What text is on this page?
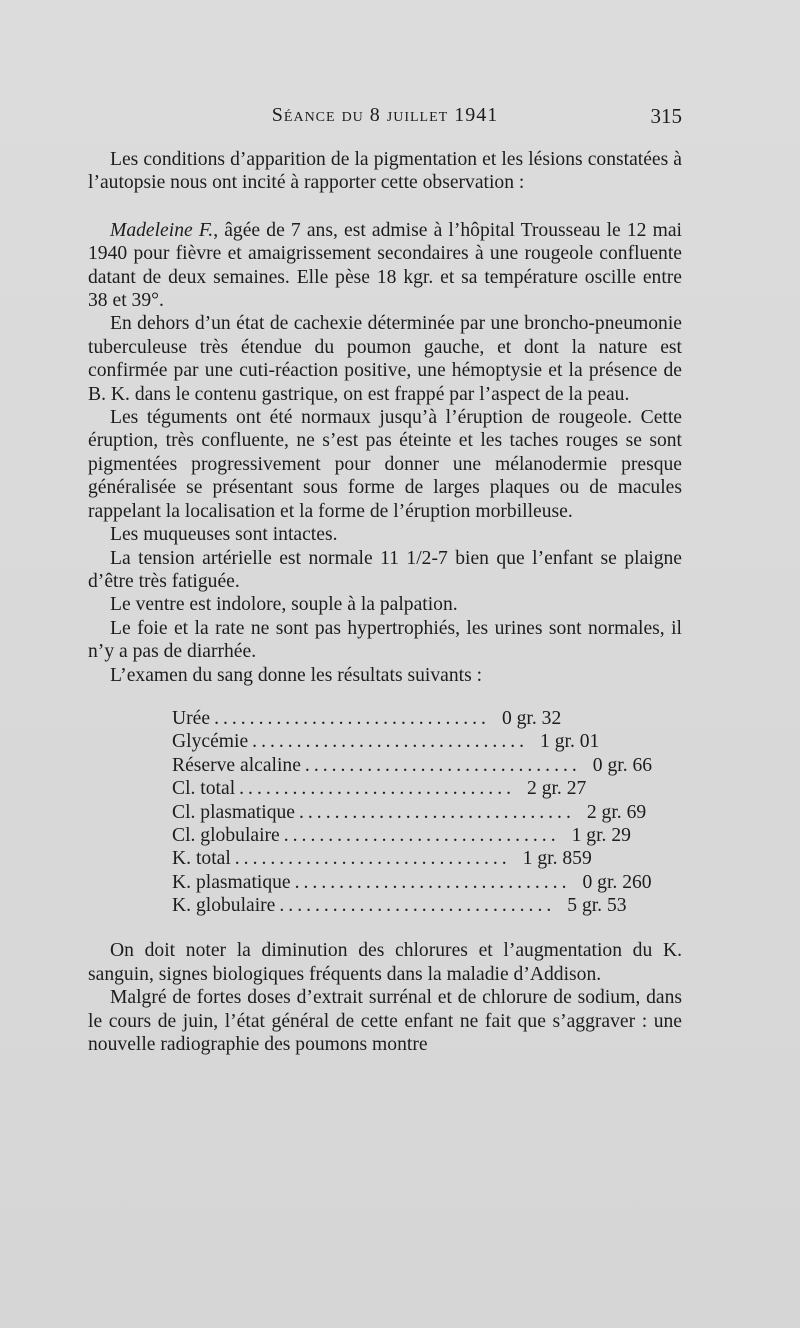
Séance du 8 juillet 1941	315

Les conditions d’apparition de la pigmentation et les lésions constatées à l’autopsie nous ont incité à rapporter cette observation :

Madeleine F., âgée de 7 ans, est admise à l’hôpital Trousseau le 12 mai 1940 pour fièvre et amaigrissement secondaires à une rougeole confluente datant de deux semaines. Elle pèse 18 kgr. et sa température oscille entre 38 et 39°.

En dehors d’un état de cachexie déterminée par une broncho-pneumonie tuberculeuse très étendue du poumon gauche, et dont la nature est confirmée par une cuti-réaction positive, une hémoptysie et la présence de B. K. dans le contenu gastrique, on est frappé par l’aspect de la peau.

Les téguments ont été normaux jusqu’à l’éruption de rougeole. Cette éruption, très confluente, ne s’est pas éteinte et les taches rouges se sont pigmentées progressivement pour donner une mélanodermie presque généralisée se présentant sous forme de larges plaques ou de macules rappelant la localisation et la forme de l’éruption morbilleuse.

Les muqueuses sont intactes.

La tension artérielle est normale 11 1/2-7 bien que l’enfant se plaigne d’être très fatiguée.

Le ventre est indolore, souple à la palpation.

Le foie et la rate ne sont pas hypertrophiés, les urines sont normales, il n’y a pas de diarrhée.

L’examen du sang donne les résultats suivants :

Urée ............................... 0 gr. 32
Glycémie ............................... 1 gr. 01
Réserve alcaline ............................... 0 gr. 66
Cl. total ............................... 2 gr. 27
Cl. plasmatique ............................... 2 gr. 69
Cl. globulaire ............................... 1 gr. 29
K. total ............................... 1 gr. 859
K. plasmatique ............................... 0 gr. 260
K. globulaire ............................... 5 gr. 53

On doit noter la diminution des chlorures et l’augmentation du K. sanguin, signes biologiques fréquents dans la maladie d’Addison.

Malgré de fortes doses d’extrait surrénal et de chlorure de sodium, dans le cours de juin, l’état général de cette enfant ne fait que s’aggraver : une nouvelle radiographie des poumons montre
